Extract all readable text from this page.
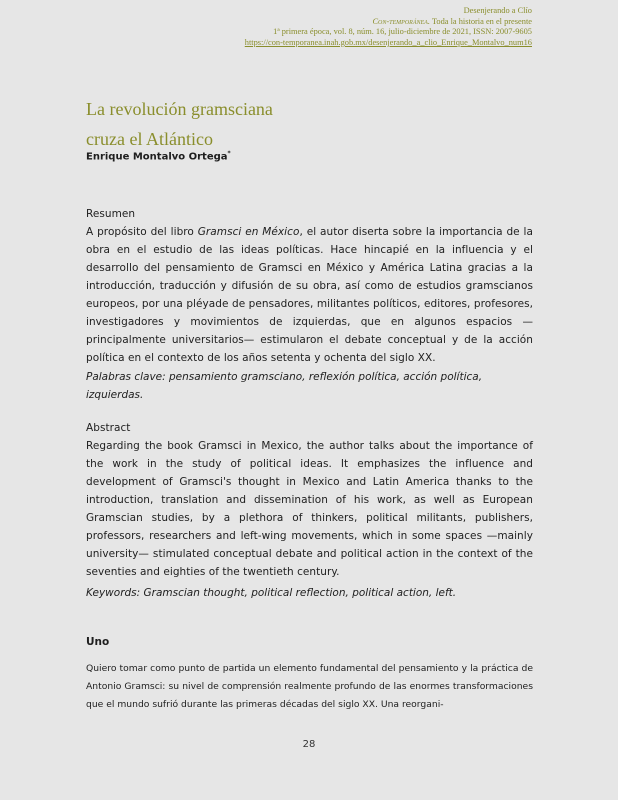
Desenjerando a Clío
Con-temporánea. Toda la historia en el presente
1ª primera época, vol. 8, núm. 16, julio-diciembre de 2021, ISSN: 2007-9605
https://con-temporanea.inah.gob.mx/desenjerando_a_clio_Enrique_Montalvo_num16
La revolución gramsciana
cruza el Atlántico
Enrique Montalvo Ortega*
Resumen
A propósito del libro Gramsci en México, el autor diserta sobre la importancia de la obra en el estudio de las ideas políticas. Hace hincapié en la influencia y el desarrollo del pensamiento de Gramsci en México y América Latina gracias a la introducción, traducción y difusión de su obra, así como de estudios gramscianos europeos, por una pléyade de pensadores, militantes políticos, editores, profesores, investigadores y movimientos de izquierdas, que en algunos espacios —principalmente universitarios— estimularon el debate conceptual y de la acción política en el contexto de los años setenta y ochenta del siglo XX.
Palabras clave: pensamiento gramsciano, reflexión política, acción política, izquierdas.
Abstract
Regarding the book Gramsci in Mexico, the author talks about the importance of the work in the study of political ideas. It emphasizes the influence and development of Gramsci's thought in Mexico and Latin America thanks to the introduction, translation and dissemination of his work, as well as European Gramscian studies, by a plethora of thinkers, political militants, publishers, professors, researchers and left-wing movements, which in some spaces —mainly university— stimulated conceptual debate and political action in the context of the seventies and eighties of the twentieth century.
Keywords: Gramscian thought, political reflection, political action, left.
Uno
Quiero tomar como punto de partida un elemento fundamental del pensamiento y la práctica de Antonio Gramsci: su nivel de comprensión realmente profundo de las enormes transformaciones que el mundo sufrió durante las primeras décadas del siglo XX. Una reorgani-
28
